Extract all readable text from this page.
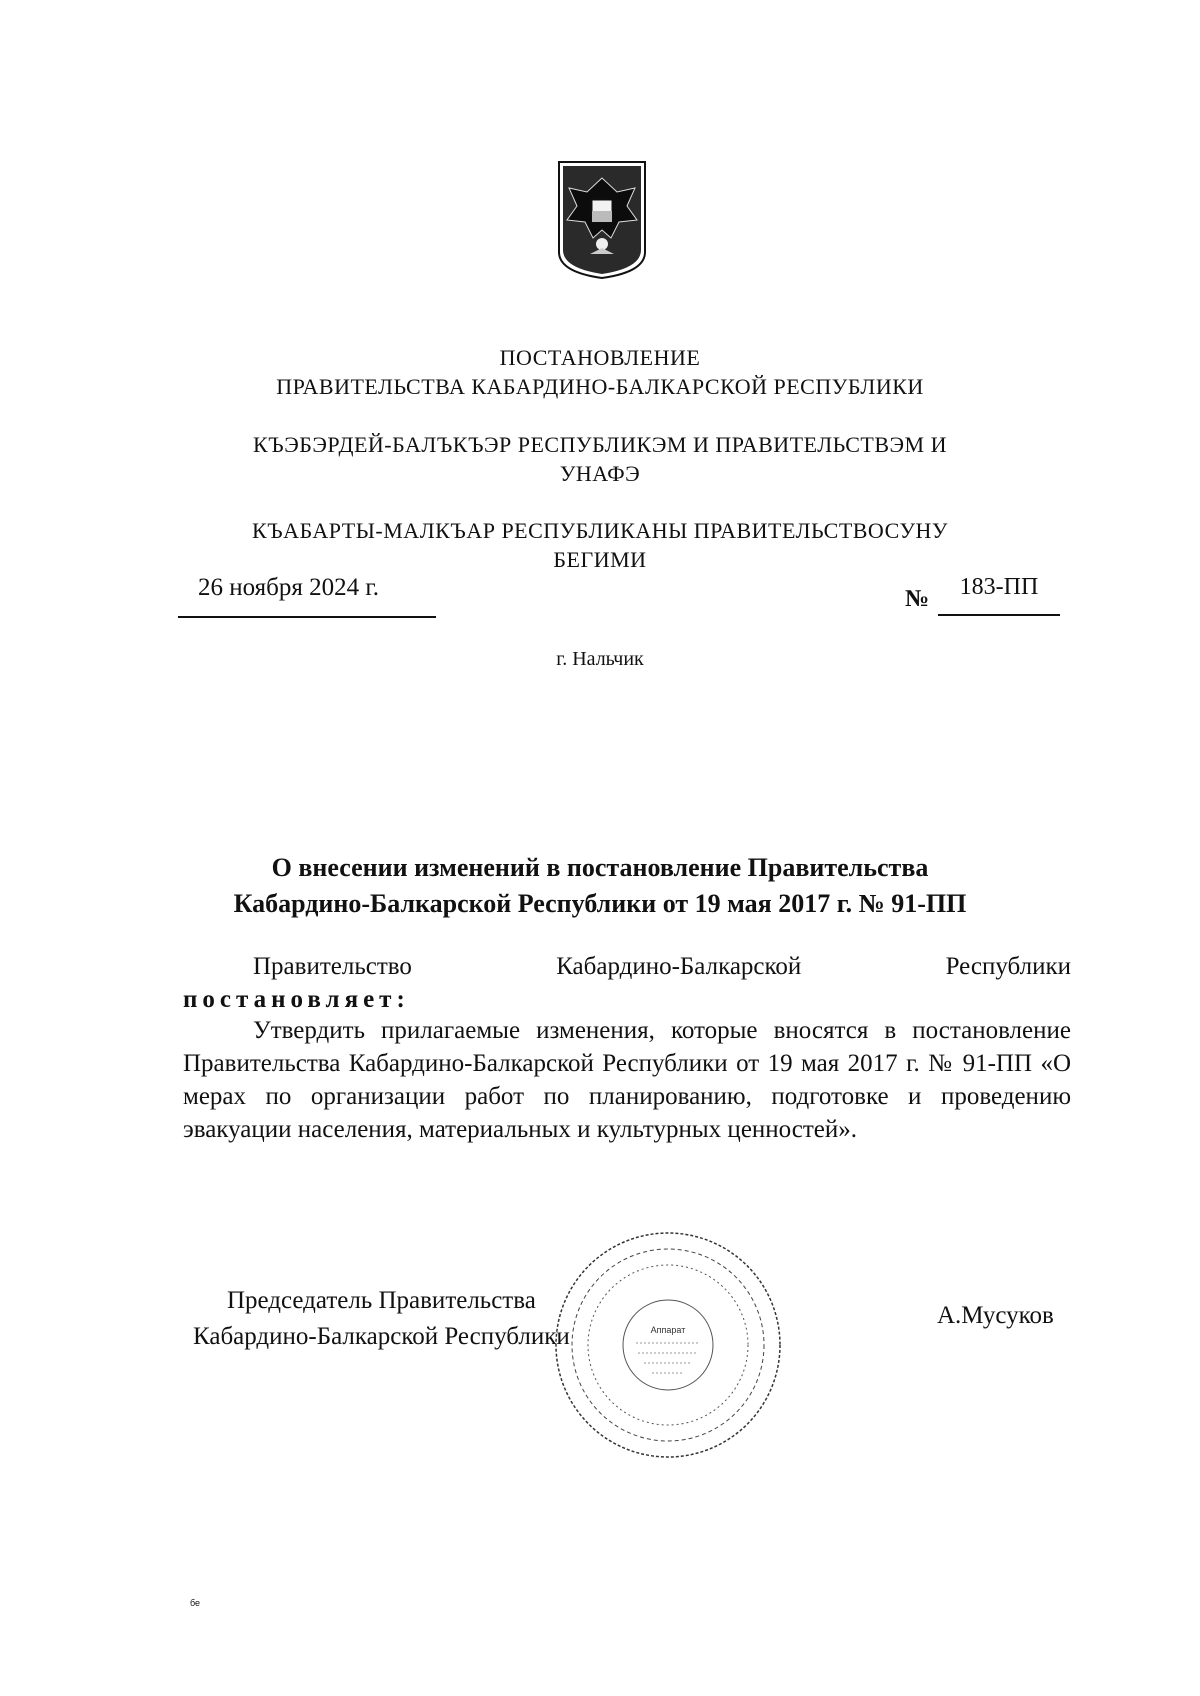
ПОСТАНОВЛЕНИЕ
ПРАВИТЕЛЬСТВА КАБАРДИНО-БАЛКАРСКОЙ РЕСПУБЛИКИ
КЪЭБЭРДЕЙ-БАЛЪКЪЭР РЕСПУБЛИКЭМ И ПРАВИТЕЛЬСТВЭМ И
УНАФЭ
КЪАБАРТЫ-МАЛКЪАР РЕСПУБЛИКАНЫ ПРАВИТЕЛЬСТВОСУНУ
БЕГИМИ
26 ноября 2024 г.	№	183-ПП
г. Нальчик
О внесении изменений в постановление Правительства
Кабардино-Балкарской Республики от 19 мая 2017 г. № 91-ПП
Правительство	Кабардино-Балкарской	Республики
постановляет:
Утвердить прилагаемые изменения, которые вносятся в постановление Правительства Кабардино-Балкарской Республики от 19 мая 2017 г. № 91-ПП «О мерах по организации работ по планированию, подготовке и проведению эвакуации населения, материальных и культурных ценностей».
Председатель Правительства
Кабардино-Балкарской Республики	Аппарат
А.Мусуков
бе
